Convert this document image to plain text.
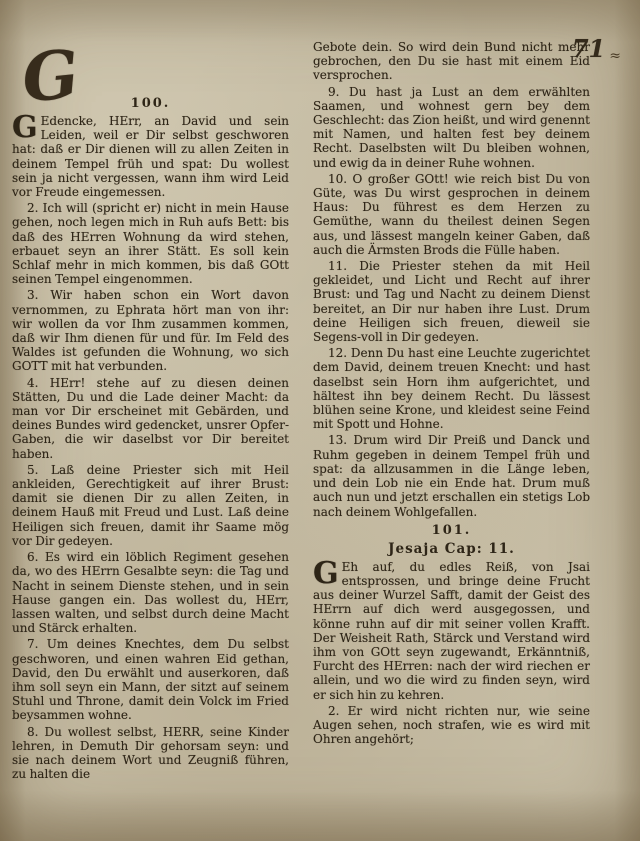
71 ≈
G	100.

G Edencke, HErr, an David und sein Leiden, weil er Dir selbst geschworen hat: daß er Dir dienen will zu allen Zeiten in deinem Tempel früh und spat: Du wollest sein ja nicht vergessen, wann ihm wird Leid vor Freude eingemessen.

2. Ich will (spricht er) nicht in mein Hause gehen, noch legen mich in Ruh aufs Bett: bis daß des HErren Wohnung da wird stehen, erbauet seyn an ihrer Stätt. Es soll kein Schlaf mehr in mich kommen, bis daß GOtt seinen Tempel eingenommen.

3. Wir haben schon ein Wort davon vernommen, zu Ephrata hört man von ihr: wir wollen da vor Ihm zusammen kommen, daß wir Ihm dienen für und für. Im Feld des Waldes ist gefunden die Wohnung, wo sich GOTT mit hat verbunden.

4. HErr! stehe auf zu diesen deinen Stätten, Du und die Lade deiner Macht: da man vor Dir erscheinet mit Gebärden, und deines Bundes wird gedencket, unsrer Opfer-Gaben, die wir daselbst vor Dir bereitet haben.

5. Laß deine Priester sich mit Heil ankleiden, Gerechtigkeit auf ihrer Brust: damit sie dienen Dir zu allen Zeiten, in deinem Hauß mit Freud und Lust. Laß deine Heiligen sich freuen, damit ihr Saame mög vor Dir gedeyen.

6. Es wird ein löblich Regiment gesehen da, wo des HErrn Gesalbte seyn: die Tag und Nacht in seinem Dienste stehen, und in sein Hause gangen ein. Das wollest du, HErr, lassen walten, und selbst durch deine Macht und Stärck erhalten.

7. Um deines Knechtes, dem Du selbst geschworen, und einen wahren Eid gethan, David, den Du erwählt und auserkoren, daß ihm soll seyn ein Mann, der sitzt auf seinem Stuhl und Throne, damit dein Volck im Fried beysammen wohne.

8. Du wollest selbst, HERR, seine Kinder lehren, in Demuth Dir gehorsam seyn: und sie nach deinem Wort und Zeugniß führen, zu halten die

Gebote dein. So wird dein Bund nicht mehr gebrochen, den Du sie hast mit einem Eid versprochen.

9. Du hast ja Lust an dem erwählten Saamen, und wohnest gern bey dem Geschlecht: das Zion heißt, und wird genennt mit Namen, und halten fest bey deinem Recht. Daselbsten wilt Du bleiben wohnen, und ewig da in deiner Ruhe wohnen.

10. O großer GOtt! wie reich bist Du von Güte, was Du wirst gesprochen in deinem Haus: Du führest es dem Herzen zu Gemüthe, wann du theilest deinen Segen aus, und lässest mangeln keiner Gaben, daß auch die Ärmsten Brods die Fülle haben.

11. Die Priester stehen da mit Heil gekleidet, und Licht und Recht auf ihrer Brust: und Tag und Nacht zu deinem Dienst bereitet, an Dir nur haben ihre Lust. Drum deine Heiligen sich freuen, dieweil sie Segens-voll in Dir gedeyen.

12. Denn Du hast eine Leuchte zugerichtet dem David, deinem treuen Knecht: und hast daselbst sein Horn ihm aufgerichtet, und hältest ihn bey deinem Recht. Du lässest blühen seine Krone, und kleidest seine Feind mit Spott und Hohne.

13. Drum wird Dir Preiß und Danck und Ruhm gegeben in deinem Tempel früh und spat: da allzusammen in die Länge leben, und dein Lob nie ein Ende hat. Drum muß auch nun und jetzt erschallen ein stetigs Lob nach deinem Wohlgefallen.

101.
Jesaja Cap: 11.

G Eh auf, du edles Reiß, von Jsai entsprossen, und bringe deine Frucht aus deiner Wurzel Safft, damit der Geist des HErrn auf dich werd ausgegossen, und könne ruhn auf dir mit seiner vollen Krafft. Der Weisheit Rath, Stärck und Verstand wird ihm von GOtt seyn zugewandt, Erkänntniß, Furcht des HErren: nach der wird riechen er allein, und wo die wird zu finden seyn, wird er sich hin zu kehren.

2. Er wird nicht richten nur, wie seine Augen sehen, noch strafen, wie es wird mit Ohren angehört;
